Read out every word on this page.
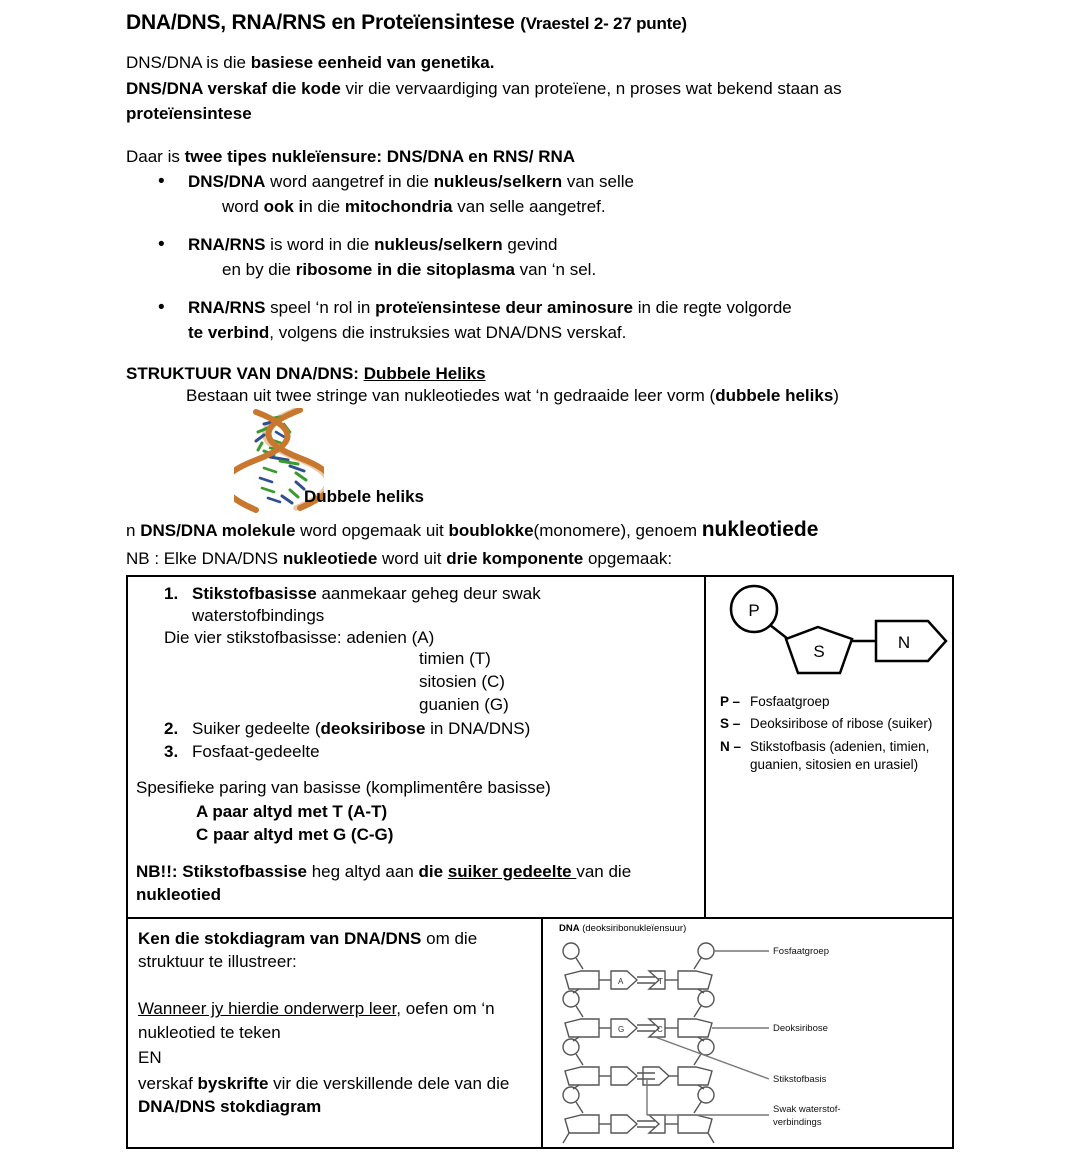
DNA/DNS, RNA/RNS en Proteïensintese (Vraestel 2- 27 punte)
DNS/DNA is die basiese eenheid van genetika.
DNS/DNA verskaf die kode vir die vervaardiging van proteïene, n proses wat bekend staan as
proteïensintese
Daar is twee tipes nukleïensure: DNS/DNA en RNS/ RNA
• DNS/DNA word aangetref in die nukleus/selkern van selle
word ook in die mitochondria van selle aangetref.
• RNA/RNS is word in die nukleus/selkern gevind
en by die ribosome in die sitoplasma van ‘n sel.
• RNA/RNS speel ‘n rol in proteïensintese deur aminosure in die regte volgorde
te verbind, volgens die instruksies wat DNA/DNS verskaf.
STRUKTUUR VAN DNA/DNS: Dubbele Heliks
Bestaan uit twee stringe van nukleotiedes wat ‘n gedraaide leer vorm (dubbele heliks)
Dubbele heliks
n DNS/DNA molekule word opgemaak uit boublokke(monomere), genoem nukleotiede
NB : Elke DNA/DNS nukleotiede word uit drie komponente opgemaak:
1. Stikstofbasisse aanmekaar geheg deur swak
waterstofbindings
Die vier stikstofbasisse: adenien (A)
timien (T)
sitosien (C)
guanien (G)
2. Suiker gedeelte (deoksiribose in DNA/DNS)
3. Fosfaat-gedeelte
Spesifieke paring van basisse (komplimentêre basisse)
A paar altyd met T (A-T)
C paar altyd met G (C-G)
NB!!: Stikstofbassise heg altyd aan die suiker gedeelte van die
nukleotied

P
S	N
P – Fosfaatgroep
S – Deoksiribose of ribose (suiker)
N – Stikstofbasis (adenien, timien, guanien, sitosien en urasiel)
Ken die stokdiagram van DNA/DNS om die struktuur te illustreer:
Wanneer jy hierdie onderwerp leer, oefen om ‘n nukleotied te teken
EN
verskaf byskrifte vir die verskillende dele van die DNA/DNS stokdiagram

DNA (deoksiribonukleïensuur)
A	T
G	C
Fosfaatgroep
Deoksiribose
Stikstofbasis
Swak waterstof-
verbindings
